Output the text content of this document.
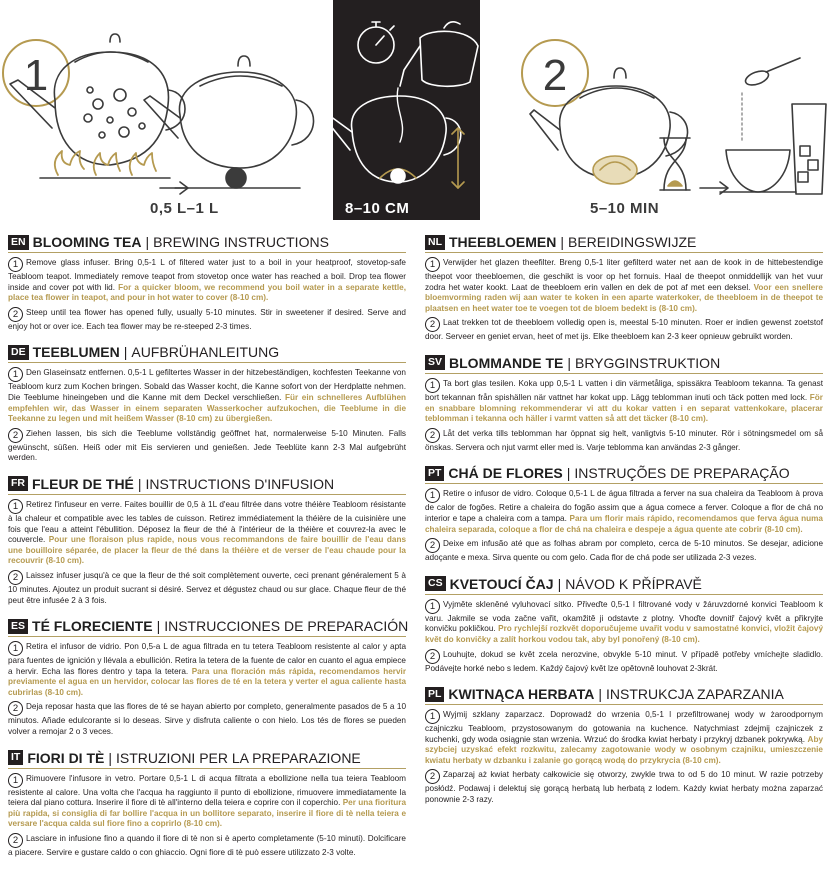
1	2
0,5 L–1 L	8–10 CM	5–10 MIN
EN BLOOMING TEA | BREWING INSTRUCTIONS

1 Remove glass infuser. Bring 0,5-1 L of filtered water just to a boil in your heatproof, stovetop-safe Teabloom teapot. Immediately remove teapot from stovetop once water has reached a boil. Drop tea flower inside and cover pot with lid. For a quicker bloom, we recommend you boil water in a separate kettle, place tea flower in teapot, and pour in hot water to cover (8-10 cm).

2 Steep until tea flower has opened fully, usually 5-10 minutes. Stir in sweetener if desired. Serve and enjoy hot or over ice. Each tea flower may be re-steeped 2-3 times.

DE TEEBLUMEN | AUFBRÜHANLEITUNG

1 Den Glaseinsatz entfernen. 0,5-1 L gefiltertes Wasser in der hitzebeständigen, kochfesten Teekanne von Teabloom kurz zum Kochen bringen. Sobald das Wasser kocht, die Kanne sofort von der Herdplatte nehmen. Die Teeblume hineingeben und die Kanne mit dem Deckel verschließen. Für ein schnelleres Aufblühen empfehlen wir, das Wasser in einem separaten Wasserkocher aufzukochen, die Teeblume in die Teekanne zu legen und mit heißem Wasser (8-10 cm) zu übergießen.

2 Ziehen lassen, bis sich die Teeblume vollständig geöffnet hat, normalerweise 5-10 Minuten. Falls gewünscht, süßen. Heiß oder mit Eis servieren und genießen. Jede Teeblüte kann 2-3 Mal aufgebrüht werden.

FR FLEUR DE THÉ | INSTRUCTIONS D'INFUSION

1 Retirez l'infuseur en verre. Faites bouillir de 0,5 à 1L d'eau filtrée dans votre théière Teabloom résistante à la chaleur et compatible avec les tables de cuisson. Retirez immédiatement la théière de la cuisinière une fois que l'eau a atteint l'ébullition. Déposez la fleur de thé à l'intérieur de la théière et couvrez-la avec le couvercle. Pour une floraison plus rapide, nous vous recommandons de faire bouillir de l'eau dans une bouilloire séparée, de placer la fleur de thé dans la théière et de verser de l'eau chaude pour la recouvrir (8-10 cm).

2 Laissez infuser jusqu'à ce que la fleur de thé soit complètement ouverte, ceci prenant généralement 5 à 10 minutes. Ajoutez un produit sucrant si désiré. Servez et dégustez chaud ou sur glace. Chaque fleur de thé peut être infusée 2 à 3 fois.

ES TÉ FLORECIENTE | INSTRUCCIONES DE PREPARACIÓN

1 Retira el infusor de vidrio. Pon 0,5-a L de agua filtrada en tu tetera Teabloom resistente al calor y apta para fuentes de ignición y llévala a ebullición. Retira la tetera de la fuente de calor en cuanto el agua empiece a hervir. Echa las flores dentro y tapa la tetera. Para una floración más rápida, recomendamos hervir previamente el agua en un hervidor, colocar las flores de té en la tetera y verter el agua caliente hasta cubrirlas (8-10 cm).

2 Deja reposar hasta que las flores de té se hayan abierto por completo, generalmente pasados de 5 a 10 minutos. Añade edulcorante si lo deseas. Sirve y disfruta caliente o con hielo. Los tés de flores se pueden volver a remojar 2 o 3 veces.

IT FIORI DI TÈ | ISTRUZIONI PER LA PREPARAZIONE

1 Rimuovere l'infusore in vetro. Portare 0,5-1 L di acqua filtrata a ebollizione nella tua teiera Teabloom resistente al calore. Una volta che l'acqua ha raggiunto il punto di ebollizione, rimuovere immediatamente la teiera dal piano cottura. Inserire il fiore di tè all'interno della teiera e coprire con il coperchio. Per una fioritura più rapida, si consiglia di far bollire l'acqua in un bollitore separato, inserire il fiore di tè nella teiera e versare l'acqua calda sul fiore fino a coprirlo (8-10 cm).

2 Lasciare in infusione fino a quando il fiore di tè non si è aperto completamente (5-10 minuti). Dolcificare a piacere. Servire e gustare caldo o con ghiaccio. Ogni fiore di tè può essere utilizzato 2-3 volte.

NL THEEBLOEMEN | BEREIDINGSWIJZE

1 Verwijder het glazen theefilter. Breng 0,5-1 liter gefilterd water net aan de kook in de hittebestendige theepot voor theebloemen, die geschikt is voor op het fornuis. Haal de theepot onmiddellijk van het vuur zodra het water kookt. Laat de theebloem erin vallen en dek de pot af met een deksel. Voor een snellere bloemvorming raden wij aan water te koken in een aparte waterkoker, de theebloem in de theepot te plaatsen en heet water toe te voegen tot de bloem bedekt is (8-10 cm).

2 Laat trekken tot de theebloem volledig open is, meestal 5-10 minuten. Roer er indien gewenst zoetstof door. Serveer en geniet ervan, heet of met ijs. Elke theebloem kan 2-3 keer opnieuw gebruikt worden.

SV BLOMMANDE TE | BRYGGINSTRUKTION

1 Ta bort glas tesilen. Koka upp 0,5-1 L vatten i din värmetåliga, spissäkra Teabloom tekanna. Ta genast bort tekannan från spishällen när vattnet har kokat upp. Lägg teblomman inuti och täck potten med lock. För en snabbare blomning rekommenderar vi att du kokar vatten i en separat vattenkokare, placerar teblomman i tekanna och häller i varmt vatten så att det täcker (8-10 cm).

2 Låt det verka tills teblomman har öppnat sig helt, vanligtvis 5-10 minuter. Rör i sötningsmedel om så önskas. Servera och njut varmt eller med is. Varje teblomma kan användas 2-3 gånger.

PT CHÁ DE FLORES | INSTRUÇÕES DE PREPARAÇÃO

1 Retire o infusor de vidro. Coloque 0,5-1 L de água filtrada a ferver na sua chaleira da Teabloom à prova de calor de fogões. Retire a chaleira do fogão assim que a água comece a ferver. Coloque a flor de chá no interior e tape a chaleira com a tampa. Para um florir mais rápido, recomendamos que ferva água numa chaleira separada, coloque a flor de chá na chaleira e despeje a água quente ate cobrir (8-10 cm).

2 Deixe em infusão até que as folhas abram por completo, cerca de 5-10 minutos. Se desejar, adicione adoçante e mexa. Sirva quente ou com gelo. Cada flor de chá pode ser utilizada 2-3 vezes.

CS KVETOUCÍ ČAJ | NÁVOD K PŘÍPRAVĚ

1 Vyjměte skleněné vyluhovací sítko. Přiveďte 0,5-1 l filtrované vody v žáruvzdorné konvici Teabloom k varu. Jakmile se voda začne vařit, okamžitě ji odstavte z plotny. Vhoďte dovnitř čajový květ a přikryjte konvičku pokličkou. Pro rychlejší rozkvět doporučujeme uvařit vodu v samostatné konvici, vložit čajový květ do konvičky a zalít horkou vodou tak, aby byl ponořený (8-10 cm).

2 Louhujte, dokud se květ zcela nerozvine, obvykle 5-10 minut. V případě potřeby vmíchejte sladidlo. Podávejte horké nebo s ledem. Každý čajový květ lze opětovně louhovat 2-3krát.

PL KWITNĄCA HERBATA | INSTRUKCJA ZAPARZANIA

1 Wyjmij szklany zaparzacz. Doprowadź do wrzenia 0,5-1 l przefiltrowanej wody w żaroodpornym czajniczku Teabloom, przystosowanym do gotowania na kuchence. Natychmiast zdejmij czajniczek z kuchenki, gdy woda osiągnie stan wrzenia. Wrzuć do środka kwiat herbaty i przykryj dzbanek pokrywką. Aby szybciej uzyskać efekt rozkwitu, zalecamy zagotowanie wody w osobnym czajniku, umieszczenie kwiatu herbaty w dzbanku i zalanie go gorącą wodą do przykrycia (8-10 cm).

2 Zaparzaj aż kwiat herbaty całkowicie się otworzy, zwykle trwa to od 5 do 10 minut. W razie potrzeby posłódź. Podawaj i delektuj się gorącą herbatą lub herbatą z lodem. Każdy kwiat herbaty można zaparzać ponownie 2-3 razy.
